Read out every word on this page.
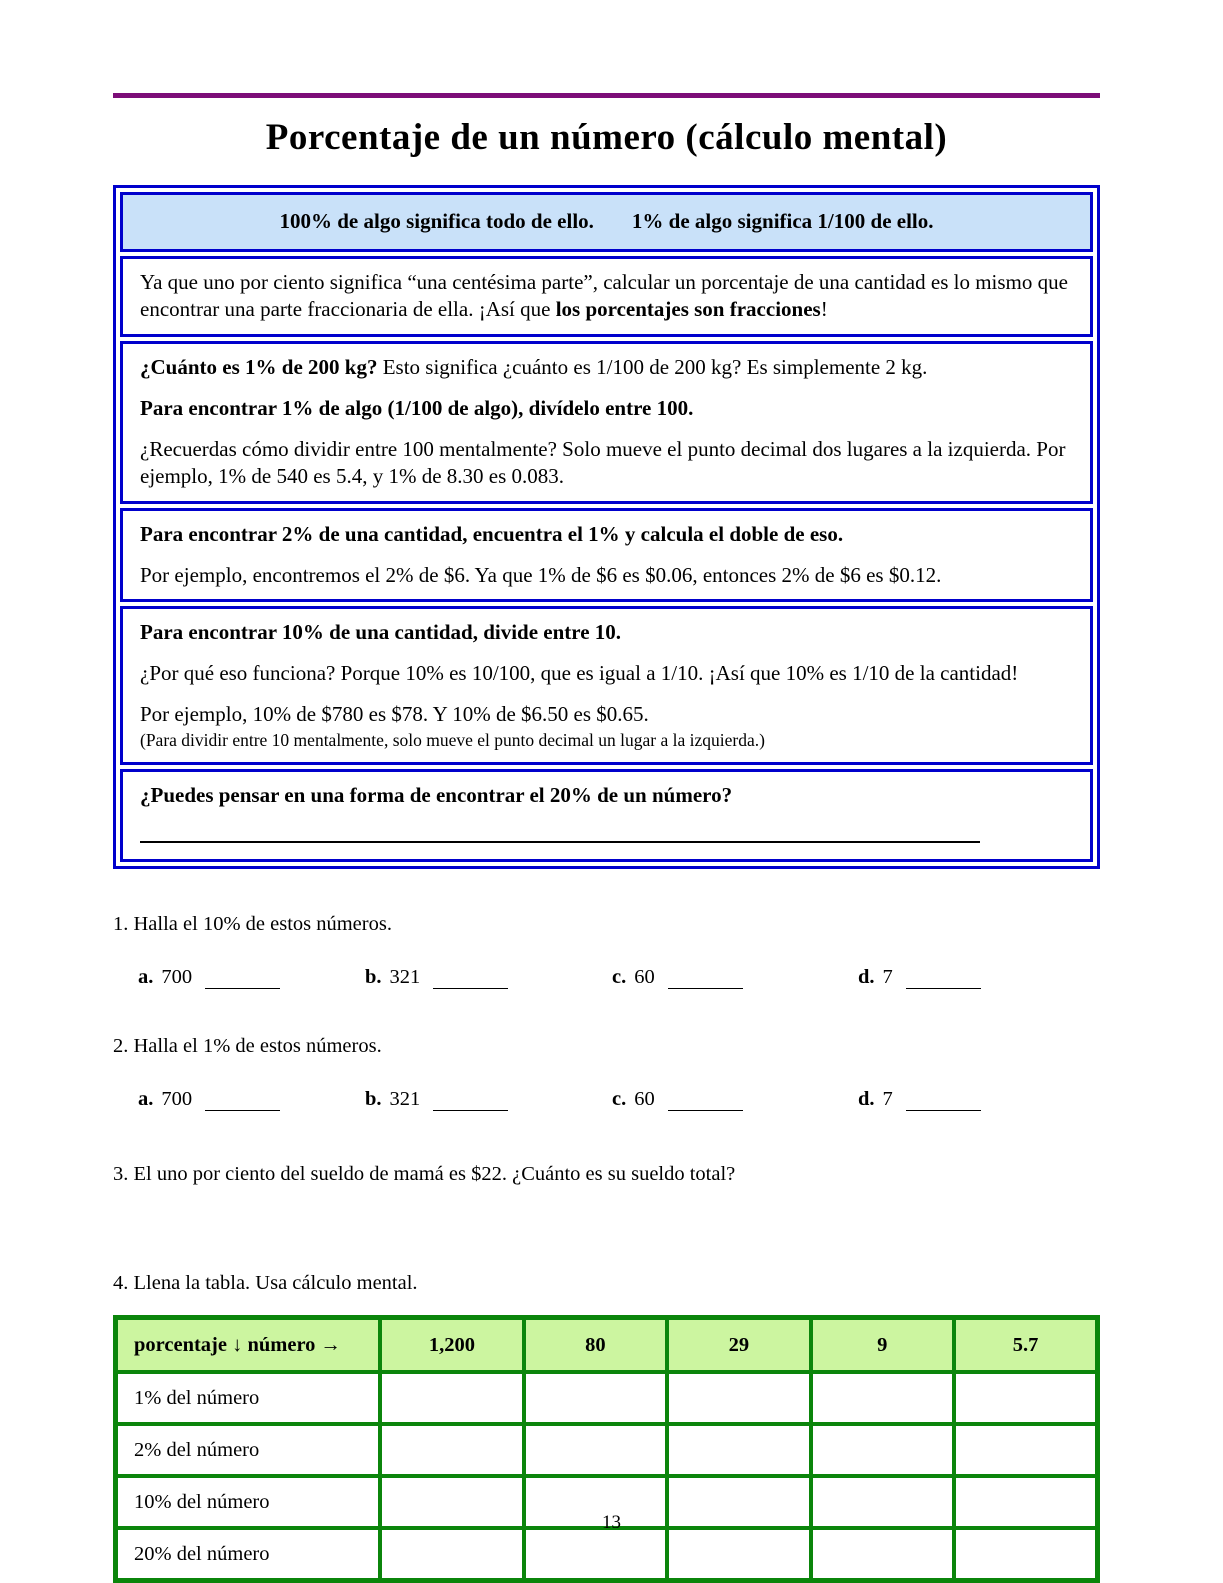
Porcentaje de un número (cálculo mental)
100% de algo significa todo de ello. 1% de algo significa 1/100 de ello.

Ya que uno por ciento significa “una centésima parte”, calcular un porcentaje de una cantidad es lo mismo que encontrar una parte fraccionaria de ella. ¡Así que los porcentajes son fracciones!

¿Cuánto es 1% de 200 kg? Esto significa ¿cuánto es 1/100 de 200 kg? Es simplemente 2 kg.

Para encontrar 1% de algo (1/100 de algo), divídelo entre 100.

¿Recuerdas cómo dividir entre 100 mentalmente? Solo mueve el punto decimal dos lugares a la izquierda. Por ejemplo, 1% de 540 es 5.4, y 1% de 8.30 es 0.083.

Para encontrar 2% de una cantidad, encuentra el 1% y calcula el doble de eso.

Por ejemplo, encontremos el 2% de $6. Ya que 1% de $6 es $0.06, entonces 2% de $6 es $0.12.

Para encontrar 10% de una cantidad, divide entre 10.

¿Por qué eso funciona? Porque 10% es 10/100, que es igual a 1/10. ¡Así que 10% es 1/10 de la cantidad!

Por ejemplo, 10% de $780 es $78. Y 10% de $6.50 es $0.65.

(Para dividir entre 10 mentalmente, solo mueve el punto decimal un lugar a la izquierda.)

¿Puedes pensar en una forma de encontrar el 20% de un número?

1. Halla el 10% de estos números.

a. 700	b. 321	c. 60	d. 7

2. Halla el 1% de estos números.

a. 700	b. 321	c. 60	d. 7

3. El uno por ciento del sueldo de mamá es $22. ¿Cuánto es su sueldo total?

4. Llena la tabla. Usa cálculo mental.

porcentaje ↓ número →	1,200	80	29	9	5.7
1% del número					
2% del número					
10% del número					
20% del número					
13
